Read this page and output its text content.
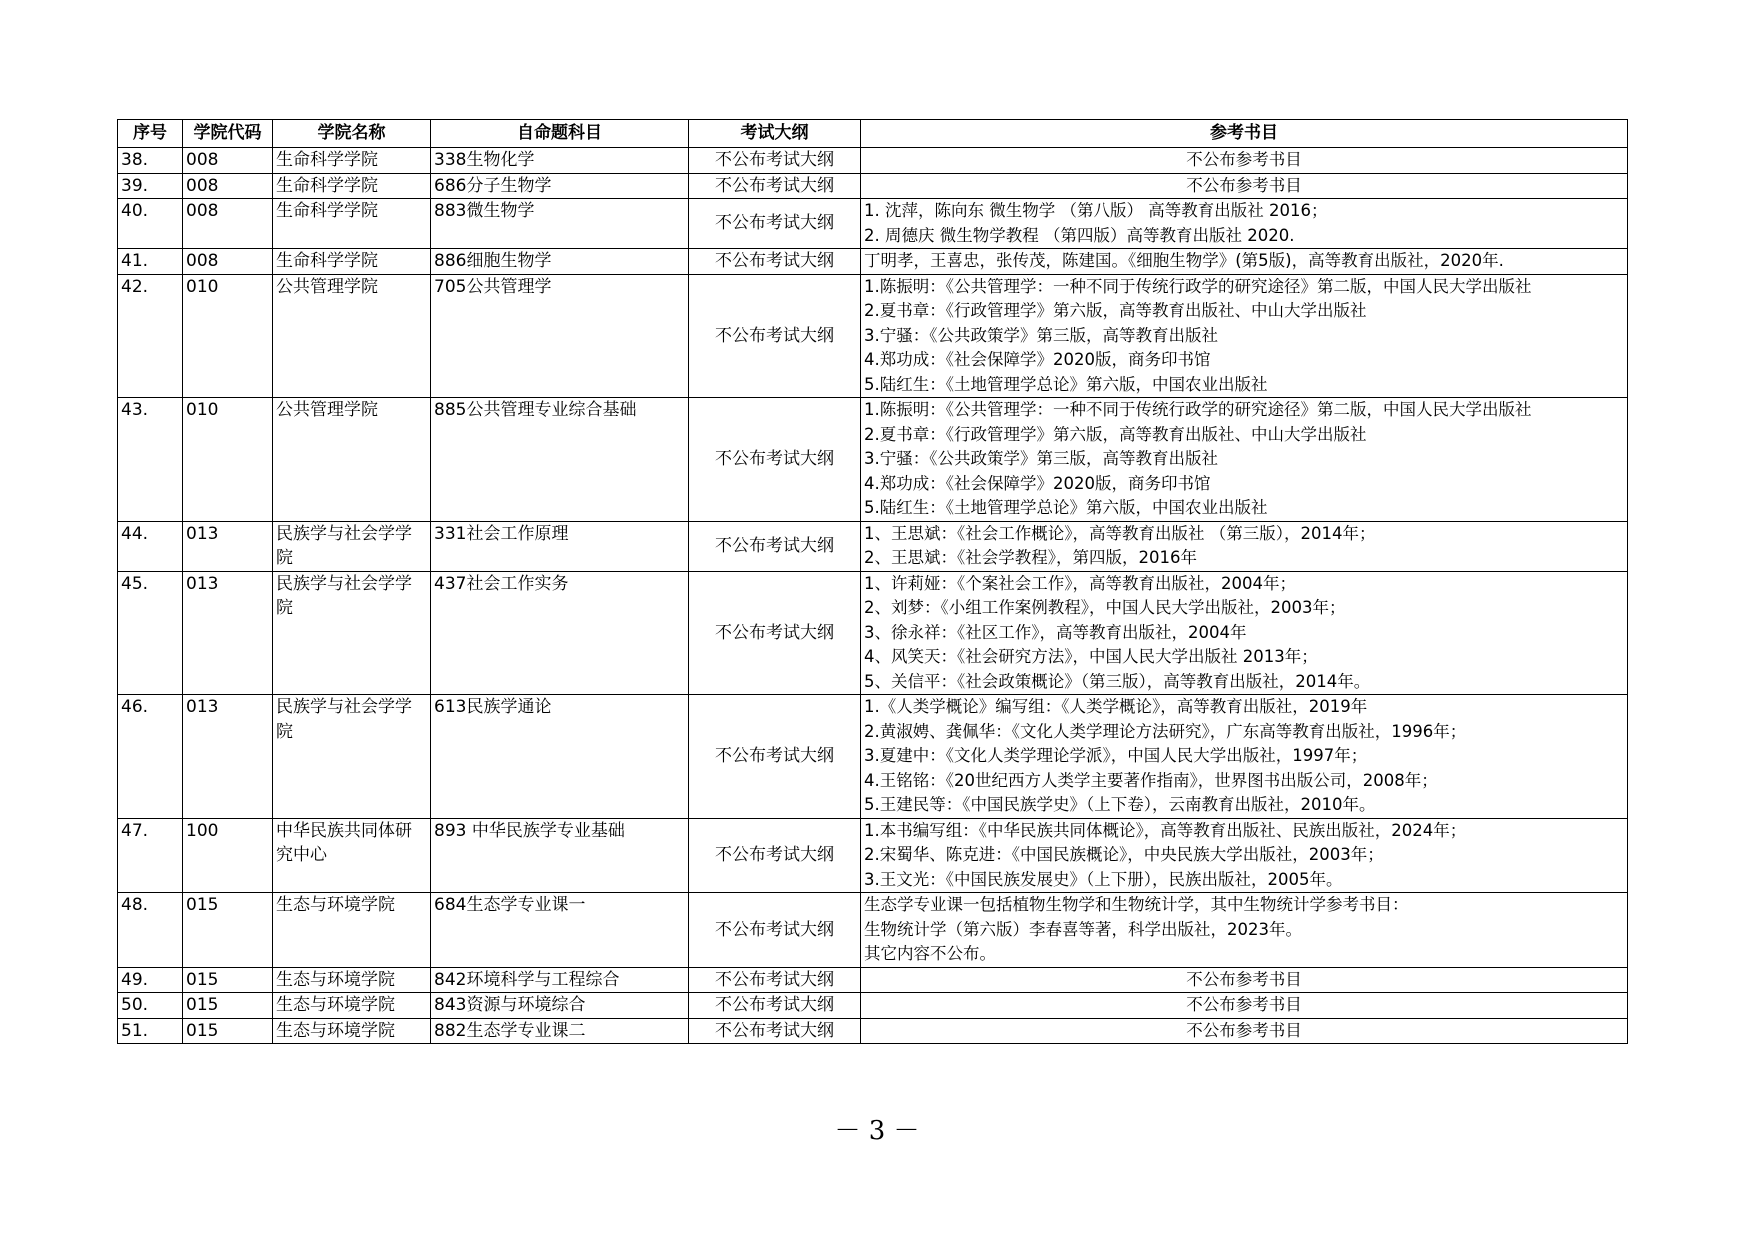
序号	学院代码	学院名称	自命题科目	考试大纲	参考书目
38.	008	生命科学学院	338生物化学	不公布考试大纲	不公布参考书目

39.	008	生命科学学院	686分子生物学	不公布考试大纲	不公布参考书目

40.	008	生命科学学院	883微生物学	不公布考试大纲	1. 沈萍，陈向东 微生物学 （第八版） 高等教育出版社 2016；
2. 周德庆 微生物学教程 （第四版）高等教育出版社 2020.

41.	008	生命科学学院	886细胞生物学	不公布考试大纲	丁明孝，王喜忠，张传茂，陈建国。《细胞生物学》(第5版)，高等教育出版社，2020年.

42.	010	公共管理学院	705公共管理学	不公布考试大纲	1.陈振明：《公共管理学：一种不同于传统行政学的研究途径》第二版，中国人民大学出版社
2.夏书章：《行政管理学》第六版，高等教育出版社、中山大学出版社
3.宁骚：《公共政策学》第三版，高等教育出版社
4.郑功成：《社会保障学》2020版，商务印书馆
5.陆红生：《土地管理学总论》第六版，中国农业出版社

43.	010	公共管理学院	885公共管理专业综合基础	不公布考试大纲	1.陈振明：《公共管理学：一种不同于传统行政学的研究途径》第二版，中国人民大学出版社
2.夏书章：《行政管理学》第六版，高等教育出版社、中山大学出版社
3.宁骚：《公共政策学》第三版，高等教育出版社
4.郑功成：《社会保障学》2020版，商务印书馆
5.陆红生：《土地管理学总论》第六版，中国农业出版社

44.	013	民族学与社会学学院	331社会工作原理	不公布考试大纲	1、王思斌：《社会工作概论》，高等教育出版社 （第三版），2014年；
2、王思斌：《社会学教程》，第四版，2016年

45.	013	民族学与社会学学院	437社会工作实务	不公布考试大纲	1、许莉娅：《个案社会工作》，高等教育出版社，2004年；
2、刘梦：《小组工作案例教程》，中国人民大学出版社，2003年；
3、徐永祥：《社区工作》，高等教育出版社，2004年
4、风笑天：《社会研究方法》，中国人民大学出版社 2013年；
5、关信平：《社会政策概论》（第三版），高等教育出版社，2014年。

46.	013	民族学与社会学学院	613民族学通论	不公布考试大纲	1.《人类学概论》编写组：《人类学概论》，高等教育出版社，2019年
2.黄淑娉、龚佩华：《文化人类学理论方法研究》，广东高等教育出版社，1996年；
3.夏建中：《文化人类学理论学派》，中国人民大学出版社，1997年；
4.王铭铭：《20世纪西方人类学主要著作指南》，世界图书出版公司，2008年；
5.王建民等：《中国民族学史》（上下卷），云南教育出版社，2010年。

47.	100	中华民族共同体研究中心	893 中华民族学专业基础	不公布考试大纲	1.本书编写组：《中华民族共同体概论》，高等教育出版社、民族出版社，2024年；
2.宋蜀华、陈克进：《中国民族概论》，中央民族大学出版社，2003年；
3.王文光：《中国民族发展史》（上下册），民族出版社，2005年。

48.	015	生态与环境学院	684生态学专业课一	不公布考试大纲	生态学专业课一包括植物生物学和生物统计学，其中生物统计学参考书目：
生物统计学（第六版）李春喜等著，科学出版社，2023年。
其它内容不公布。

49.	015	生态与环境学院	842环境科学与工程综合	不公布考试大纲	不公布参考书目

50.	015	生态与环境学院	843资源与环境综合	不公布考试大纲	不公布参考书目

51.	015	生态与环境学院	882生态学专业课二	不公布考试大纲	不公布参考书目
－ 3 －
